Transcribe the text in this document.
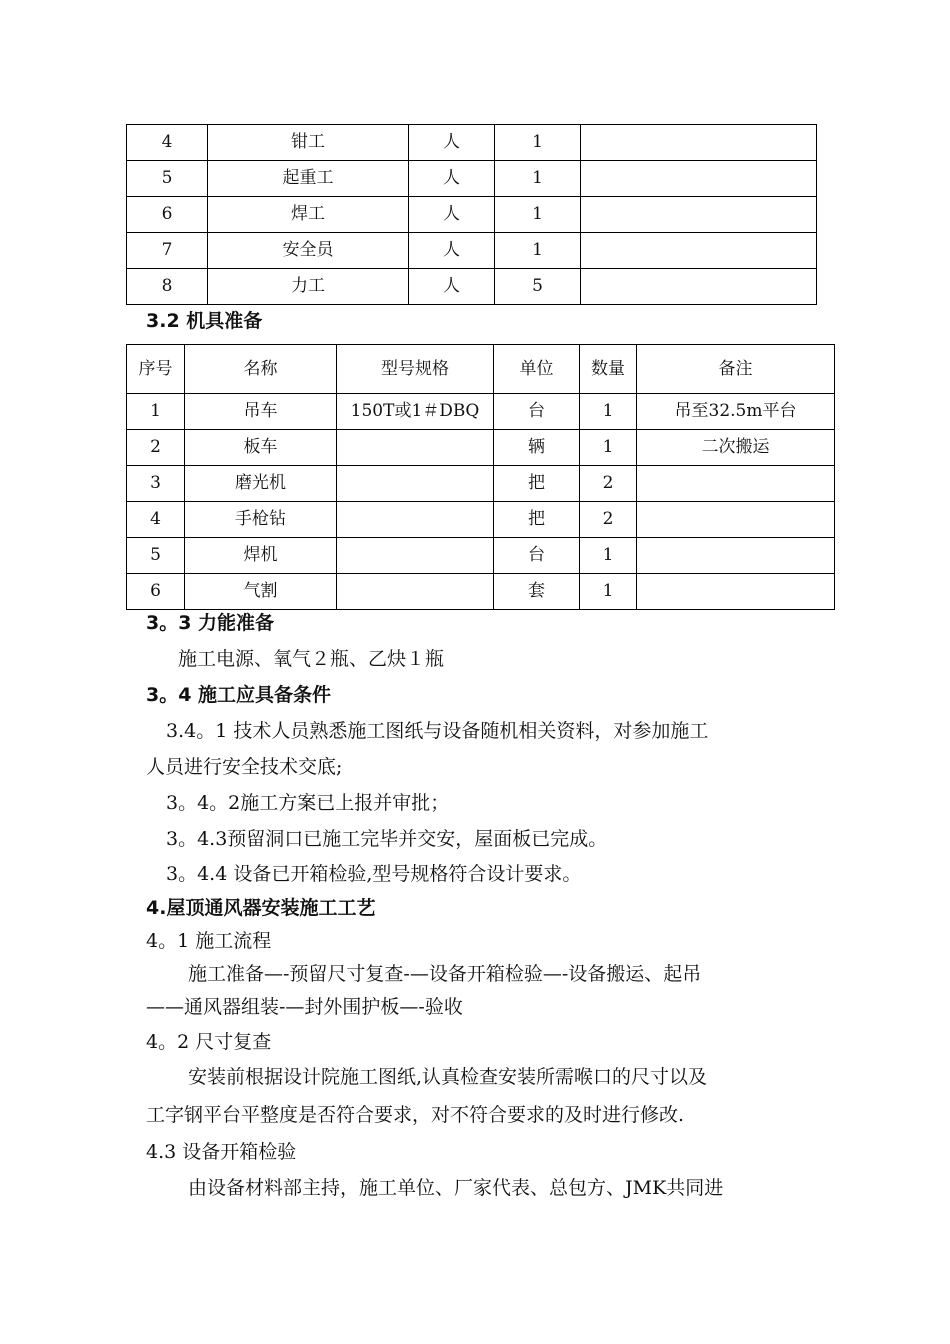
4	钳工	人	1	
5	起重工	人	1	
6	焊工	人	1	
7	安全员	人	1	
8	力工	人	5	
3.2 机具准备
序号	名称	型号规格	单位	数量	备注
1	吊车	150T或1＃DBQ	台	1	吊至32.5m平台
2	板车		辆	1	二次搬运
3	磨光机		把	2	
4	手枪钻		把	2	
5	焊机		台	1	
6	气割		套	1	
3。3 力能准备
施工电源、氧气２瓶、乙炔１瓶
3。4 施工应具备条件
3.4。1 技术人员熟悉施工图纸与设备随机相关资料，对参加施工
人员进行安全技术交底;
3。4。2施工方案已上报并审批；
3。4.3预留洞口已施工完毕并交安，屋面板已完成。
3。4.4 设备已开箱检验,型号规格符合设计要求。
4.屋顶通风器安装施工工艺
4。1 施工流程
施工准备—-预留尺寸复查-—设备开箱检验—-设备搬运、起吊
——通风器组装-—封外围护板—-验收
4。2 尺寸复查
安装前根据设计院施工图纸,认真检查安装所需喉口的尺寸以及
工字钢平台平整度是否符合要求，对不符合要求的及时进行修改.
4.3 设备开箱检验
由设备材料部主持，施工单位、厂家代表、总包方、JMK共同进
